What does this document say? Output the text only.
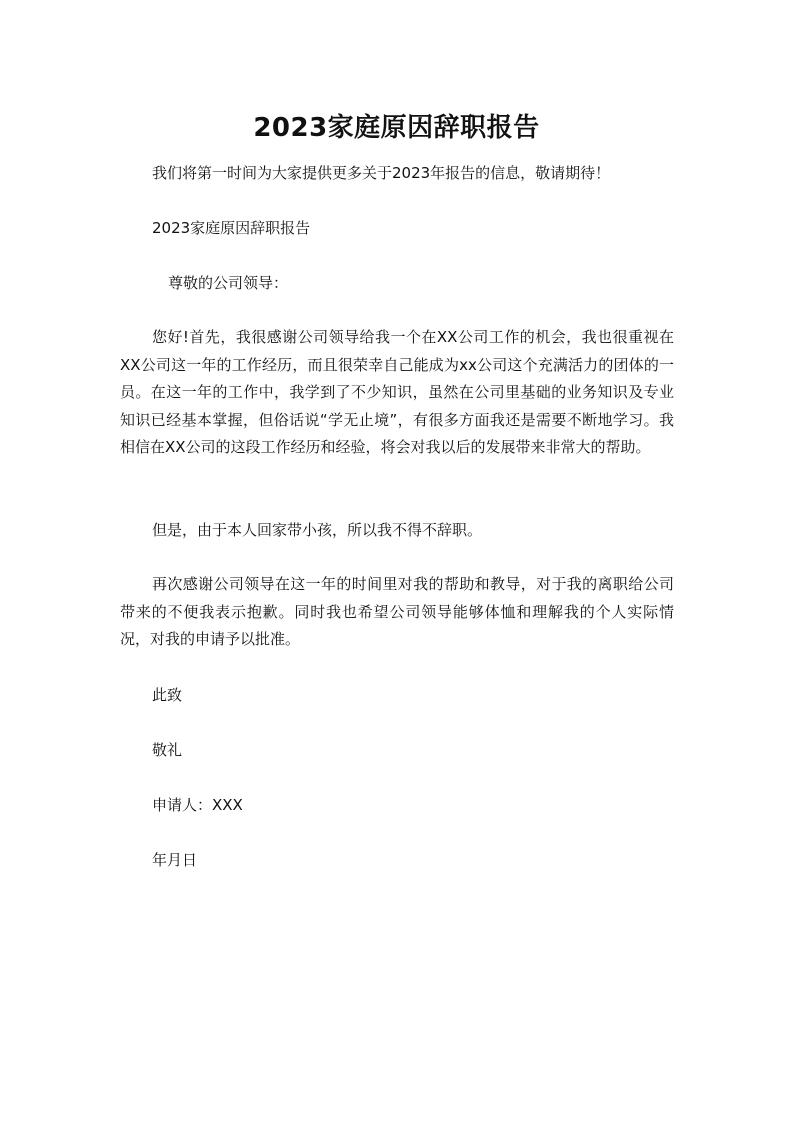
2023家庭原因辞职报告

我们将第一时间为大家提供更多关于2023年报告的信息，敬请期待！

2023家庭原因辞职报告

尊敬的公司领导：

您好!首先，我很感谢公司领导给我一个在XX公司工作的机会，我也很重视在XX公司这一年的工作经历，而且很荣幸自己能成为xx公司这个充满活力的团体的一员。在这一年的工作中，我学到了不少知识，虽然在公司里基础的业务知识及专业知识已经基本掌握，但俗话说“学无止境”，有很多方面我还是需要不断地学习。我相信在XX公司的这段工作经历和经验，将会对我以后的发展带来非常大的帮助。

但是，由于本人回家带小孩，所以我不得不辞职。

再次感谢公司领导在这一年的时间里对我的帮助和教导，对于我的离职给公司带来的不便我表示抱歉。同时我也希望公司领导能够体恤和理解我的个人实际情况，对我的申请予以批准。

此致

敬礼

申请人：XXX

年月日
